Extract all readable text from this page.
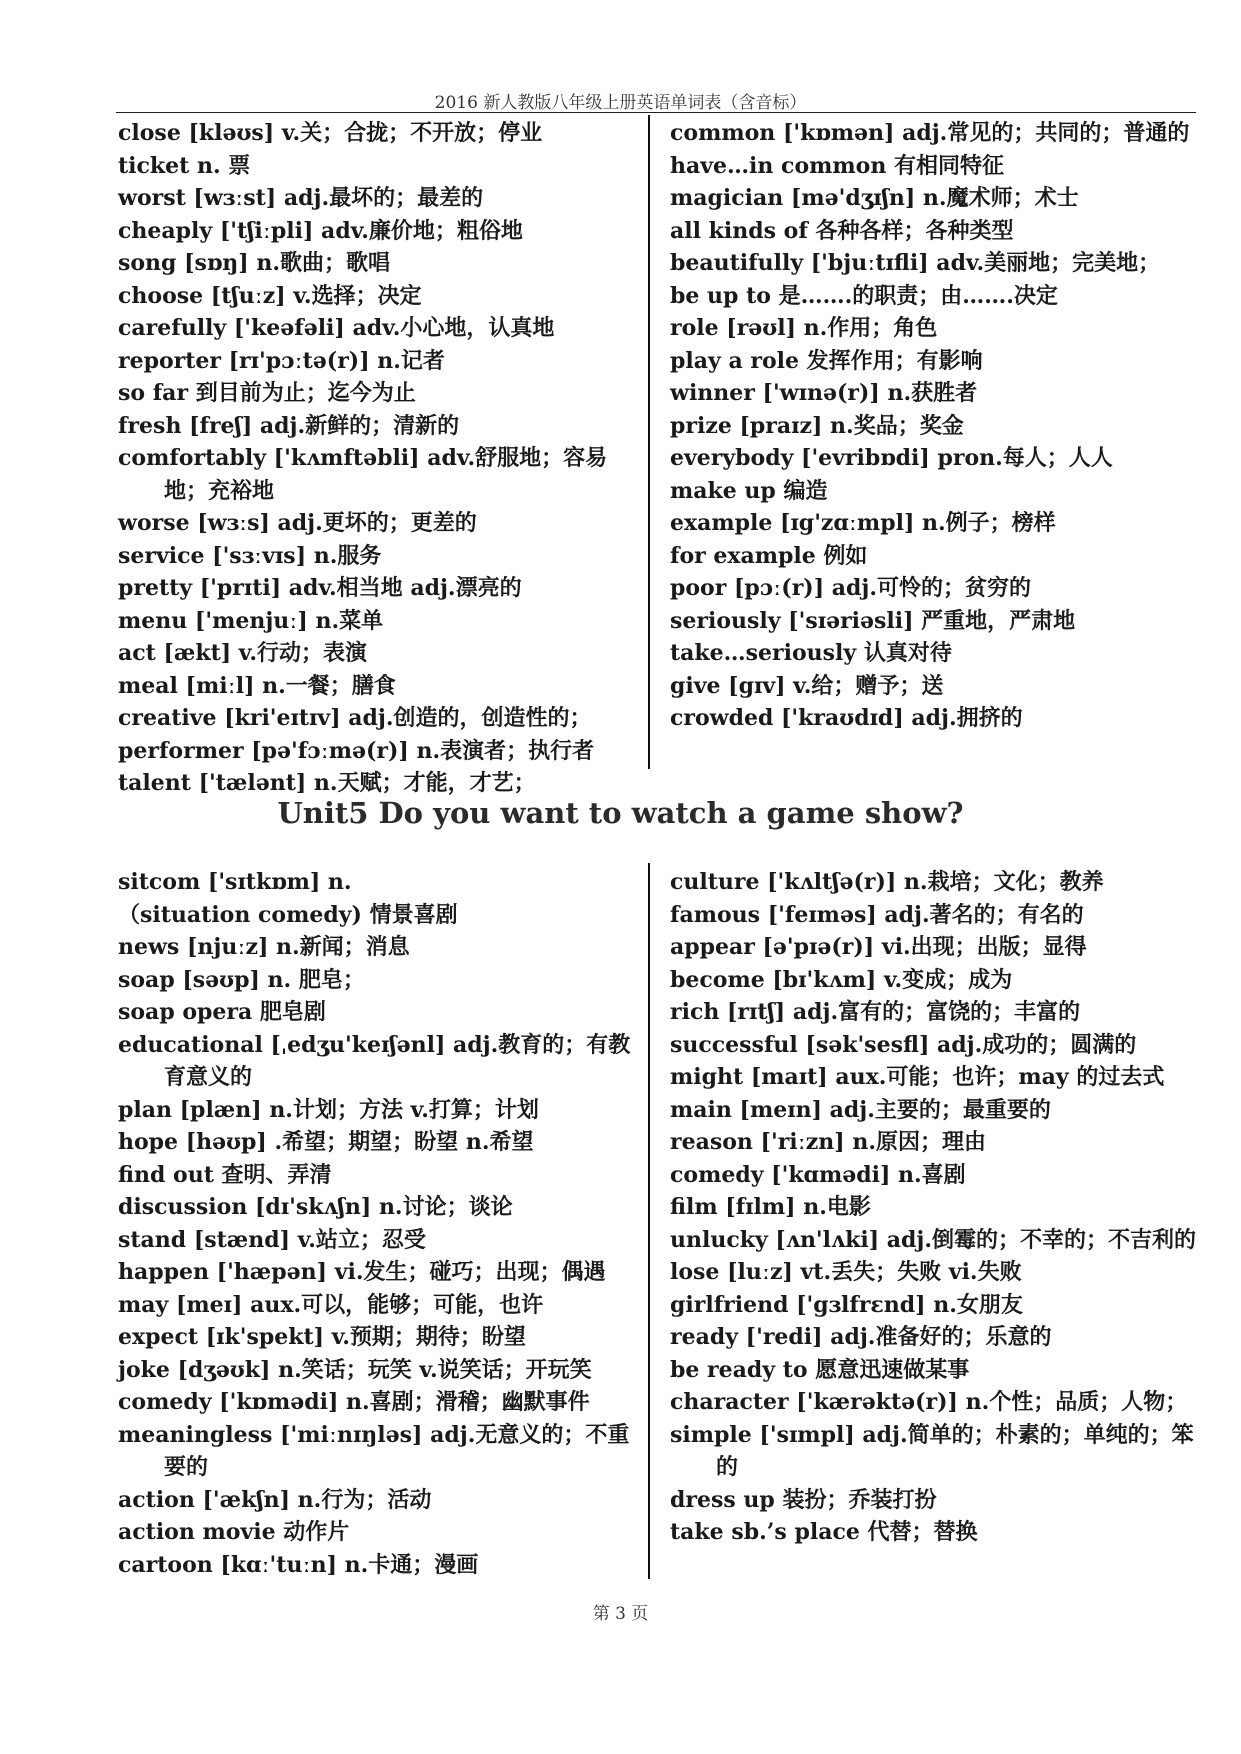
2016 新人教版八年级上册英语单词表（含音标）
close [kləʊs] v.关；合拢；不开放；停业
ticket n. 票
worst [wɜːst] adj.最坏的；最差的
cheaply ['tʃiːpli] adv.廉价地；粗俗地
song [sɒŋ] n.歌曲；歌唱
choose [tʃuːz] v.选择；决定
carefully ['keəfəli] adv.小心地，认真地
reporter [rɪ'pɔːtə(r)] n.记者
so far 到目前为止；迄今为止
fresh [freʃ] adj.新鲜的；清新的
comfortably ['kʌmftəbli] adv.舒服地；容易地；充裕地
worse [wɜːs] adj.更坏的；更差的
service ['sɜːvɪs] n.服务
pretty ['prɪti] adv.相当地 adj.漂亮的
menu ['menjuː] n.菜单
act [ækt] v.行动；表演
meal [miːl] n.一餐；膳食
creative [kri'eɪtɪv] adj.创造的，创造性的；
performer [pə'fɔːmə(r)] n.表演者；执行者
talent ['tælənt] n.天赋；才能，才艺；
common ['kɒmən] adj.常见的；共同的；普通的
have…in common 有相同特征
magician [mə'dʒɪʃn] n.魔术师；术士
all kinds of 各种各样；各种类型
beautifully ['bjuːtɪfli] adv.美丽地；完美地；
be up to 是…….的职责；由…….决定
role [rəʊl] n.作用；角色
play a role 发挥作用；有影响
winner ['wɪnə(r)] n.获胜者
prize [praɪz] n.奖品；奖金
everybody ['evribɒdi] pron.每人；人人
make up 编造
example [ɪg'zɑːmpl] n.例子；榜样
for example 例如
poor [pɔː(r)] adj.可怜的；贫穷的
seriously ['sɪəriəsli] 严重地，严肃地
take…seriously 认真对待
give [gɪv] v.给；赠予；送
crowded ['kraʊdɪd] adj.拥挤的
Unit5 Do you want to watch a game show?
sitcom ['sɪtkɒm] n.
（situation comedy) 情景喜剧
news [njuːz] n.新闻；消息
soap [səʊp] n. 肥皂；
soap opera 肥皂剧
educational [ˌedʒu'keɪʃənl] adj.教育的；有教育意义的
plan [plæn] n.计划；方法 v.打算；计划
hope [həʊp] .希望；期望；盼望 n.希望
find out 查明、弄清
discussion [dɪ'skʌʃn] n.讨论；谈论
stand [stænd] v.站立；忍受
happen ['hæpən] vi.发生；碰巧；出现；偶遇
may [meɪ] aux.可以，能够；可能，也许
expect [ɪk'spekt] v.预期；期待；盼望
joke [dʒəʊk] n.笑话；玩笑 v.说笑话；开玩笑
comedy ['kɒmədi] n.喜剧；滑稽；幽默事件
meaningless ['miːnɪŋləs] adj.无意义的；不重要的
action ['ækʃn] n.行为；活动
action movie 动作片
cartoon [kɑː'tuːn] n.卡通；漫画
culture ['kʌltʃə(r)] n.栽培；文化；教养
famous ['feɪməs] adj.著名的；有名的
appear [ə'pɪə(r)] vi.出现；出版；显得
become [bɪ'kʌm] v.变成；成为
rich [rɪtʃ] adj.富有的；富饶的；丰富的
successful [sək'sesfl] adj.成功的；圆满的
might [maɪt] aux.可能；也许；may 的过去式
main [meɪn] adj.主要的；最重要的
reason ['riːzn] n.原因；理由
comedy ['kɑmədi] n.喜剧
film [fɪlm] n.电影
unlucky [ʌn'lʌki] adj.倒霉的；不幸的；不吉利的
lose [luːz] vt.丢失；失败 vi.失败
girlfriend ['gɜlfrɛnd] n.女朋友
ready ['redi] adj.准备好的；乐意的
be ready to 愿意迅速做某事
character ['kærəktə(r)] n.个性；品质；人物；
simple ['sɪmpl] adj.简单的；朴素的；单纯的；笨的
dress up 装扮；乔装打扮
take sb.’s place 代替；替换
第 3 页
